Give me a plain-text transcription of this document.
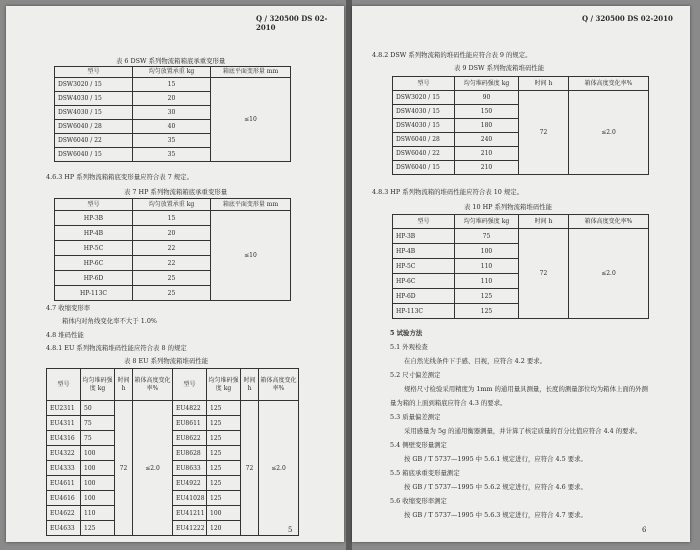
Q / 320500 DS 02-2010
表 6 DSW 系列物流箱箱底承重变形量
型号	均匀放置承重 kg	箱底平面变形量 mm
DSW3020 / 15	15	≤10
DSW4030 / 15	20	
DSW4030 / 15	30	
DSW6040 / 28	40	
DSW6040 / 22	35	
DSW6040 / 15	35	
4.6.3 HP 系列物流箱箱底变形量应符合表 7 规定。
表 7 HP 系列物流箱箱底承重变形量
型号	均匀放置承重 kg	箱底平面变形量 mm
HP-3B	15	≤10
HP-4B	20	
HP-5C	22	
HP-6C	22	
HP-6D	25	
HP-113C	25	
4.7 收缩变形率
箱体内对角线变化率不大于 1.0%
4.8 堆码性能
4.8.1 EU 系列物流箱堆码性能应符合表 8 的规定
表 8 EU 系列物流箱堆码性能
型号	均匀堆码强度 kg	时间 h	箱体高度变化率%	型号	均匀堆码强度 kg	时间 h	箱体高度变化率%
EU2311	50	72	≤2.0	EU4822	125	72	≤2.0
EU4311	75			EU8611	125		
EU4316	75			EU8622	125		
EU4322	100			EU8628	125		
EU4333	100			EU8633	125		
EU4611	100			EU4922	125		
EU4616	100			EU41028	125		
EU4622	110			EU41211	100		
EU4633	125			EU41222	120			5
Q / 320500 DS 02-2010
4.8.2 DSW 系列物流箱的堆码性能应符合表 9 的规定。
表 9 DSW 系列物流箱堆码性能
型号	均匀堆码强度 kg	时间 h	箱体高度变化率%
DSW3020 / 15	90	72	≤2.0
DSW4030 / 15	150		
DSW4030 / 15	180		
DSW6040 / 28	240		
DSW6040 / 22	210		
DSW6040 / 15	210		
4.8.3 HP 系列物流箱的堆码性能应符合表 10 规定。
表 10 HP 系列物流箱堆码性能
型号	均匀堆码强度 kg	时间 h	箱体高度变化率%
HP-3B	75	72	≤2.0
HP-4B	100		
HP-5C	110		
HP-6C	110		
HP-6D	125		
HP-113C	125		
5 试验方法
5.1 外观检查
在自然光线条件下手感、目视，应符合 4.2 要求。
5.2 尺寸偏差测定
规格尺寸检验采用精度为 1mm 的通用量具测量，长度的测量部位均为箱体上面的外测
量为箱的上面到箱底应符合 4.3 的要求。
5.3 质量偏差测定
采用感量为 5g 的通用衡器测量，并计算了核定质量的百分比值应符合 4.4 的要求。
5.4 侧壁变形量测定
按 GB / T 5737—1995 中 5.6.1 规定进行，应符合 4.5 要求。
5.5 箱底承重变形量测定
按 GB / T 5737—1995 中 5.6.2 规定进行，应符合 4.6 要求。
5.6 收缩变形率测定
按 GB / T 5737—1995 中 5.6.3 规定进行，应符合 4.7 要求。
6
